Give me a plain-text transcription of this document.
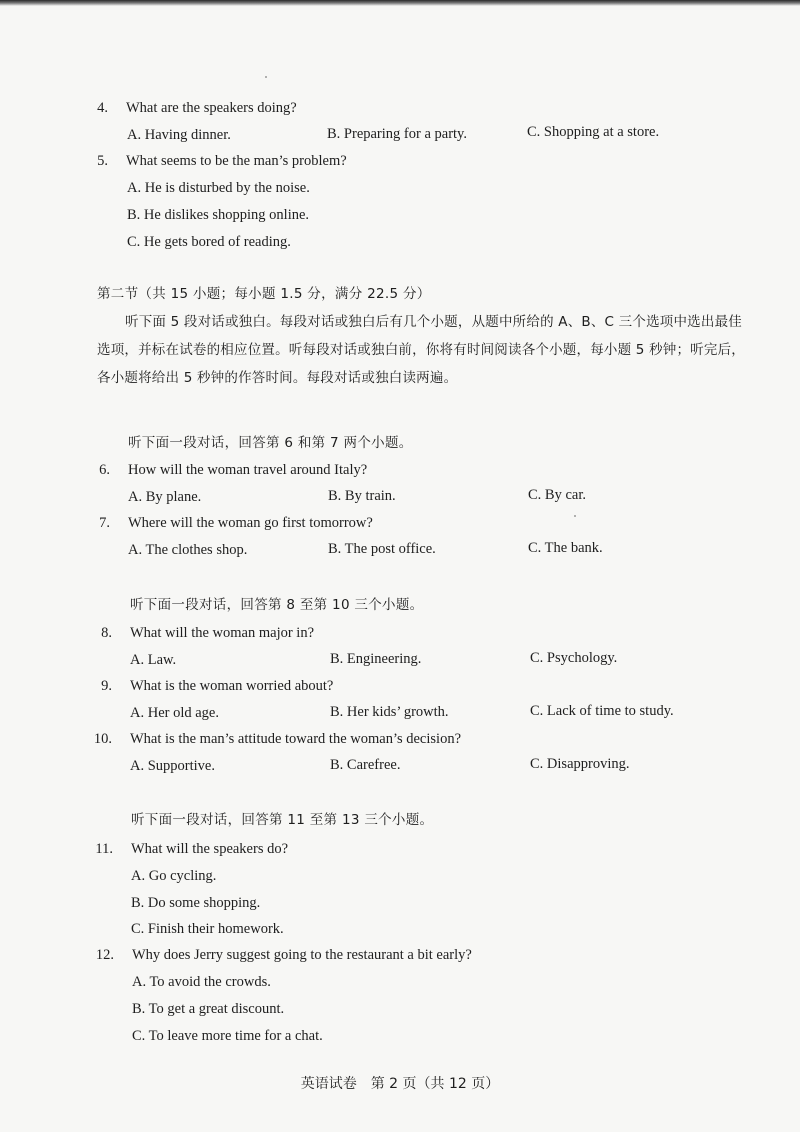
4. What are the speakers doing?
A. Having dinner.	B. Preparing for a party.	C. Shopping at a store.
5. What seems to be the man’s problem?
A. He is disturbed by the noise.
B. He dislikes shopping online.
C. He gets bored of reading.
第二节（共 15 小题；每小题 1.5 分，满分 22.5 分）
听下面 5 段对话或独白。每段对话或独白后有几个小题，从题中所给的 A、B、C 三个选项中选出最佳选项，并标在试卷的相应位置。听每段对话或独白前，你将有时间阅读各个小题，每小题 5 秒钟；听完后，各小题将给出 5 秒钟的作答时间。每段对话或独白读两遍。
听下面一段对话，回答第 6 和第 7 两个小题。
6. How will the woman travel around Italy?
A. By plane.	B. By train.	C. By car.
7. Where will the woman go first tomorrow?
A. The clothes shop.	B. The post office.	C. The bank.
听下面一段对话，回答第 8 至第 10 三个小题。
8. What will the woman major in?
A. Law.	B. Engineering.	C. Psychology.
9. What is the woman worried about?
A. Her old age.	B. Her kids’ growth.	C. Lack of time to study.
10. What is the man’s attitude toward the woman’s decision?
A. Supportive.	B. Carefree.	C. Disapproving.
听下面一段对话，回答第 11 至第 13 三个小题。
11. What will the speakers do?
A. Go cycling.
B. Do some shopping.
C. Finish their homework.
12. Why does Jerry suggest going to the restaurant a bit early?
A. To avoid the crowds.
B. To get a great discount.
C. To leave more time for a chat.
英语试卷　第 2 页（共 12 页）
